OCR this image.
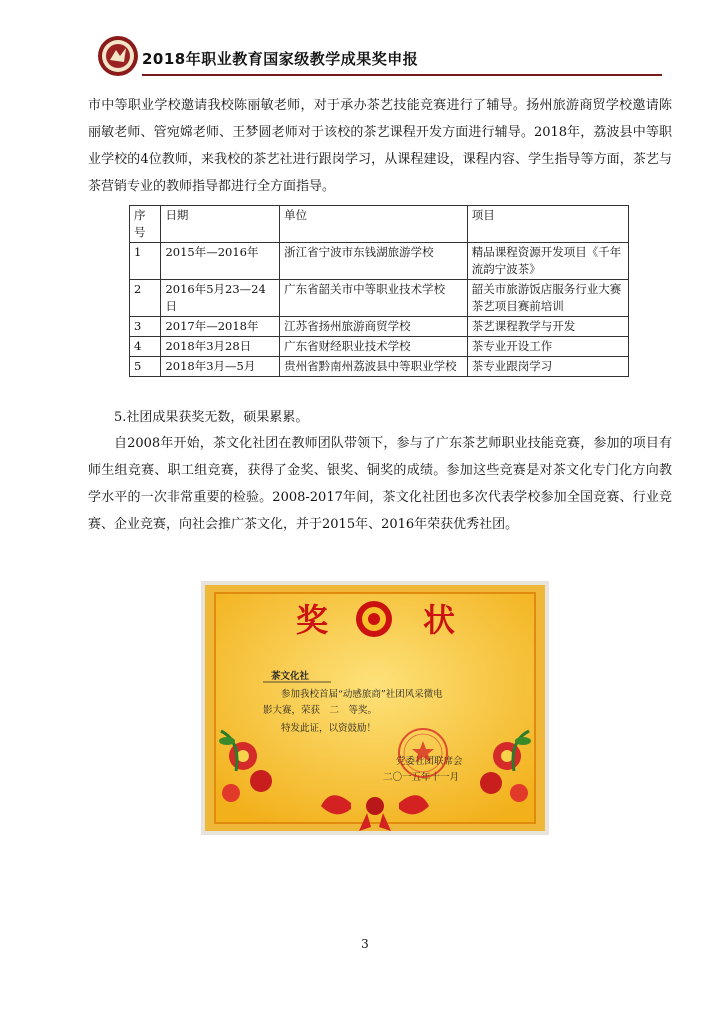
2018年职业教育国家级教学成果奖申报

市中等职业学校邀请我校陈丽敏老师，对于承办茶艺技能竞赛进行了辅导。扬州旅游商贸学校邀请陈丽敏老师、管宛嫦老师、王梦圆老师对于该校的茶艺课程开发方面进行辅导。2018年，荔波县中等职业学校的4位教师，来我校的茶艺社进行跟岗学习，从课程建设，课程内容、学生指导等方面，茶艺与茶营销专业的教师指导都进行全方面指导。

序号	日期	单位	项目
1	2015年—2016年	浙江省宁波市东钱湖旅游学校	精品课程资源开发项目《千年流韵宁波茶》
2	2016年5月23—24日	广东省韶关市中等职业技术学校	韶关市旅游饭店服务行业大赛茶艺项目赛前培训
3	2017年—2018年	江苏省扬州旅游商贸学校	茶艺课程教学与开发
4	2018年3月28日	广东省财经职业技术学校	茶专业开设工作
5	2018年3月—5月	贵州省黔南州荔波县中等职业学校	茶专业跟岗学习

5.社团成果获奖无数，硕果累累。

自2008年开始，茶文化社团在教师团队带领下，参与了广东茶艺师职业技能竞赛，参加的项目有师生组竞赛、职工组竞赛，获得了金奖、银奖、铜奖的成绩。参加这些竞赛是对茶文化专门化方向教学水平的一次非常重要的检验。2008-2017年间，茶文化社团也多次代表学校参加全国竞赛、行业竞赛、企业竞赛，向社会推广茶文化，并于2015年、2016年荣获优秀社团。

奖	状
茶文化社
参加我校首届“动感旅商”社团风采微电
影大赛，荣获　二　等奖。
特发此证，以资鼓励！
党委社团联席会
二〇一五年十一月
3
